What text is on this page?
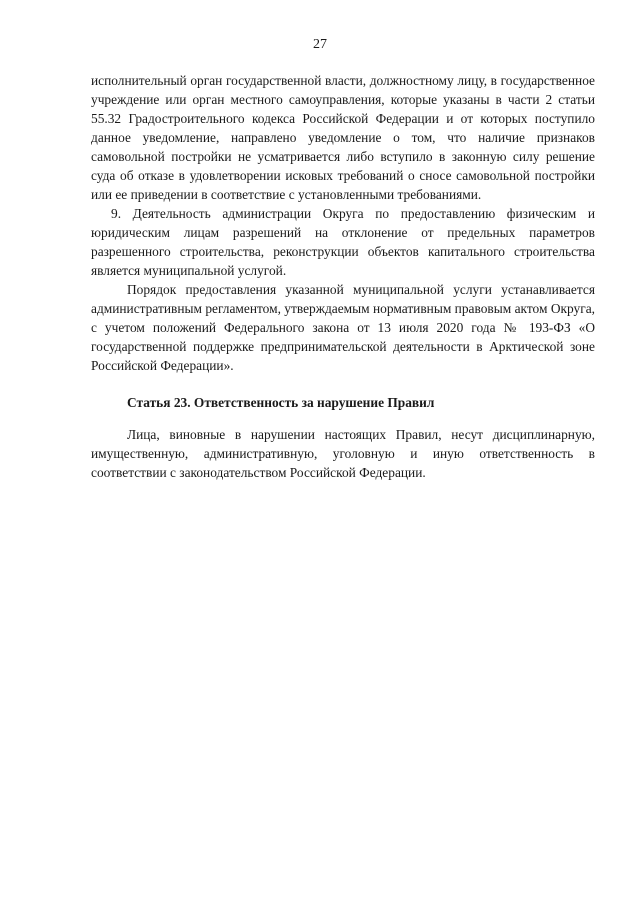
27

исполнительный орган государственной власти, должностному лицу, в государственное учреждение или орган местного самоуправления, которые указаны в части 2 статьи 55.32 Градостроительного кодекса Российской Федерации и от которых поступило данное уведомление, направлено уведомление о том, что наличие признаков самовольной постройки не усматривается либо вступило в законную силу решение суда об отказе в удовлетворении исковых требований о сносе самовольной постройки или ее приведении в соответствие с установленными требованиями.

9. Деятельность администрации Округа по предоставлению физическим и юридическим лицам разрешений на отклонение от предельных параметров разрешенного строительства, реконструкции объектов капитального строительства является муниципальной услугой.

Порядок предоставления указанной муниципальной услуги устанавливается административным регламентом, утверждаемым нормативным правовым актом Округа, с учетом положений Федерального закона от 13 июля 2020 года № 193-ФЗ «О государственной поддержке предпринимательской деятельности в Арктической зоне Российской Федерации».

Статья 23. Ответственность за нарушение Правил

Лица, виновные в нарушении настоящих Правил, несут дисциплинарную, имущественную, административную, уголовную и иную ответственность в соответствии с законодательством Российской Федерации.
